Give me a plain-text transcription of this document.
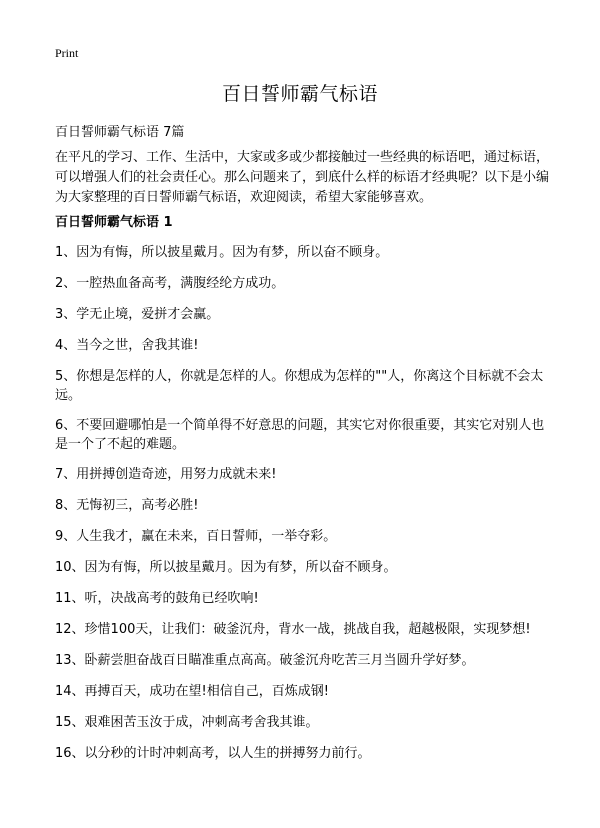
Print
百日誓师霸气标语
百日誓师霸气标语 7篇

在平凡的学习、工作、生活中，大家或多或少都接触过一些经典的标语吧，通过标语，可以增强人们的社会责任心。那么问题来了，到底什么样的标语才经典呢？以下是小编为大家整理的百日誓师霸气标语，欢迎阅读，希望大家能够喜欢。

百日誓师霸气标语 1
1、因为有悔，所以披星戴月。因为有梦，所以奋不顾身。
2、一腔热血备高考，满腹经纶方成功。
3、学无止境，爱拼才会赢。
4、当今之世，舍我其谁!
5、你想是怎样的人，你就是怎样的人。你想成为怎样的""人，你离这个目标就不会太远。
6、不要回避哪怕是一个简单得不好意思的问题，其实它对你很重要，其实它对别人也是一个了不起的难题。
7、用拼搏创造奇迹，用努力成就未来!
8、无悔初三，高考必胜!
9、人生我才，赢在未来，百日誓师，一举夺彩。
10、因为有悔，所以披星戴月。因为有梦，所以奋不顾身。
11、听，决战高考的鼓角已经吹响!
12、珍惜100天，让我们：破釜沉舟，背水一战，挑战自我，超越极限，实现梦想!
13、卧薪尝胆奋战百日瞄准重点高高。破釜沉舟吃苦三月当圆升学好梦。
14、再搏百天，成功在望!相信自己，百炼成钢!
15、艰难困苦玉汝于成，冲刺高考舍我其谁。
16、以分秒的计时冲刺高考，以人生的拼搏努力前行。
